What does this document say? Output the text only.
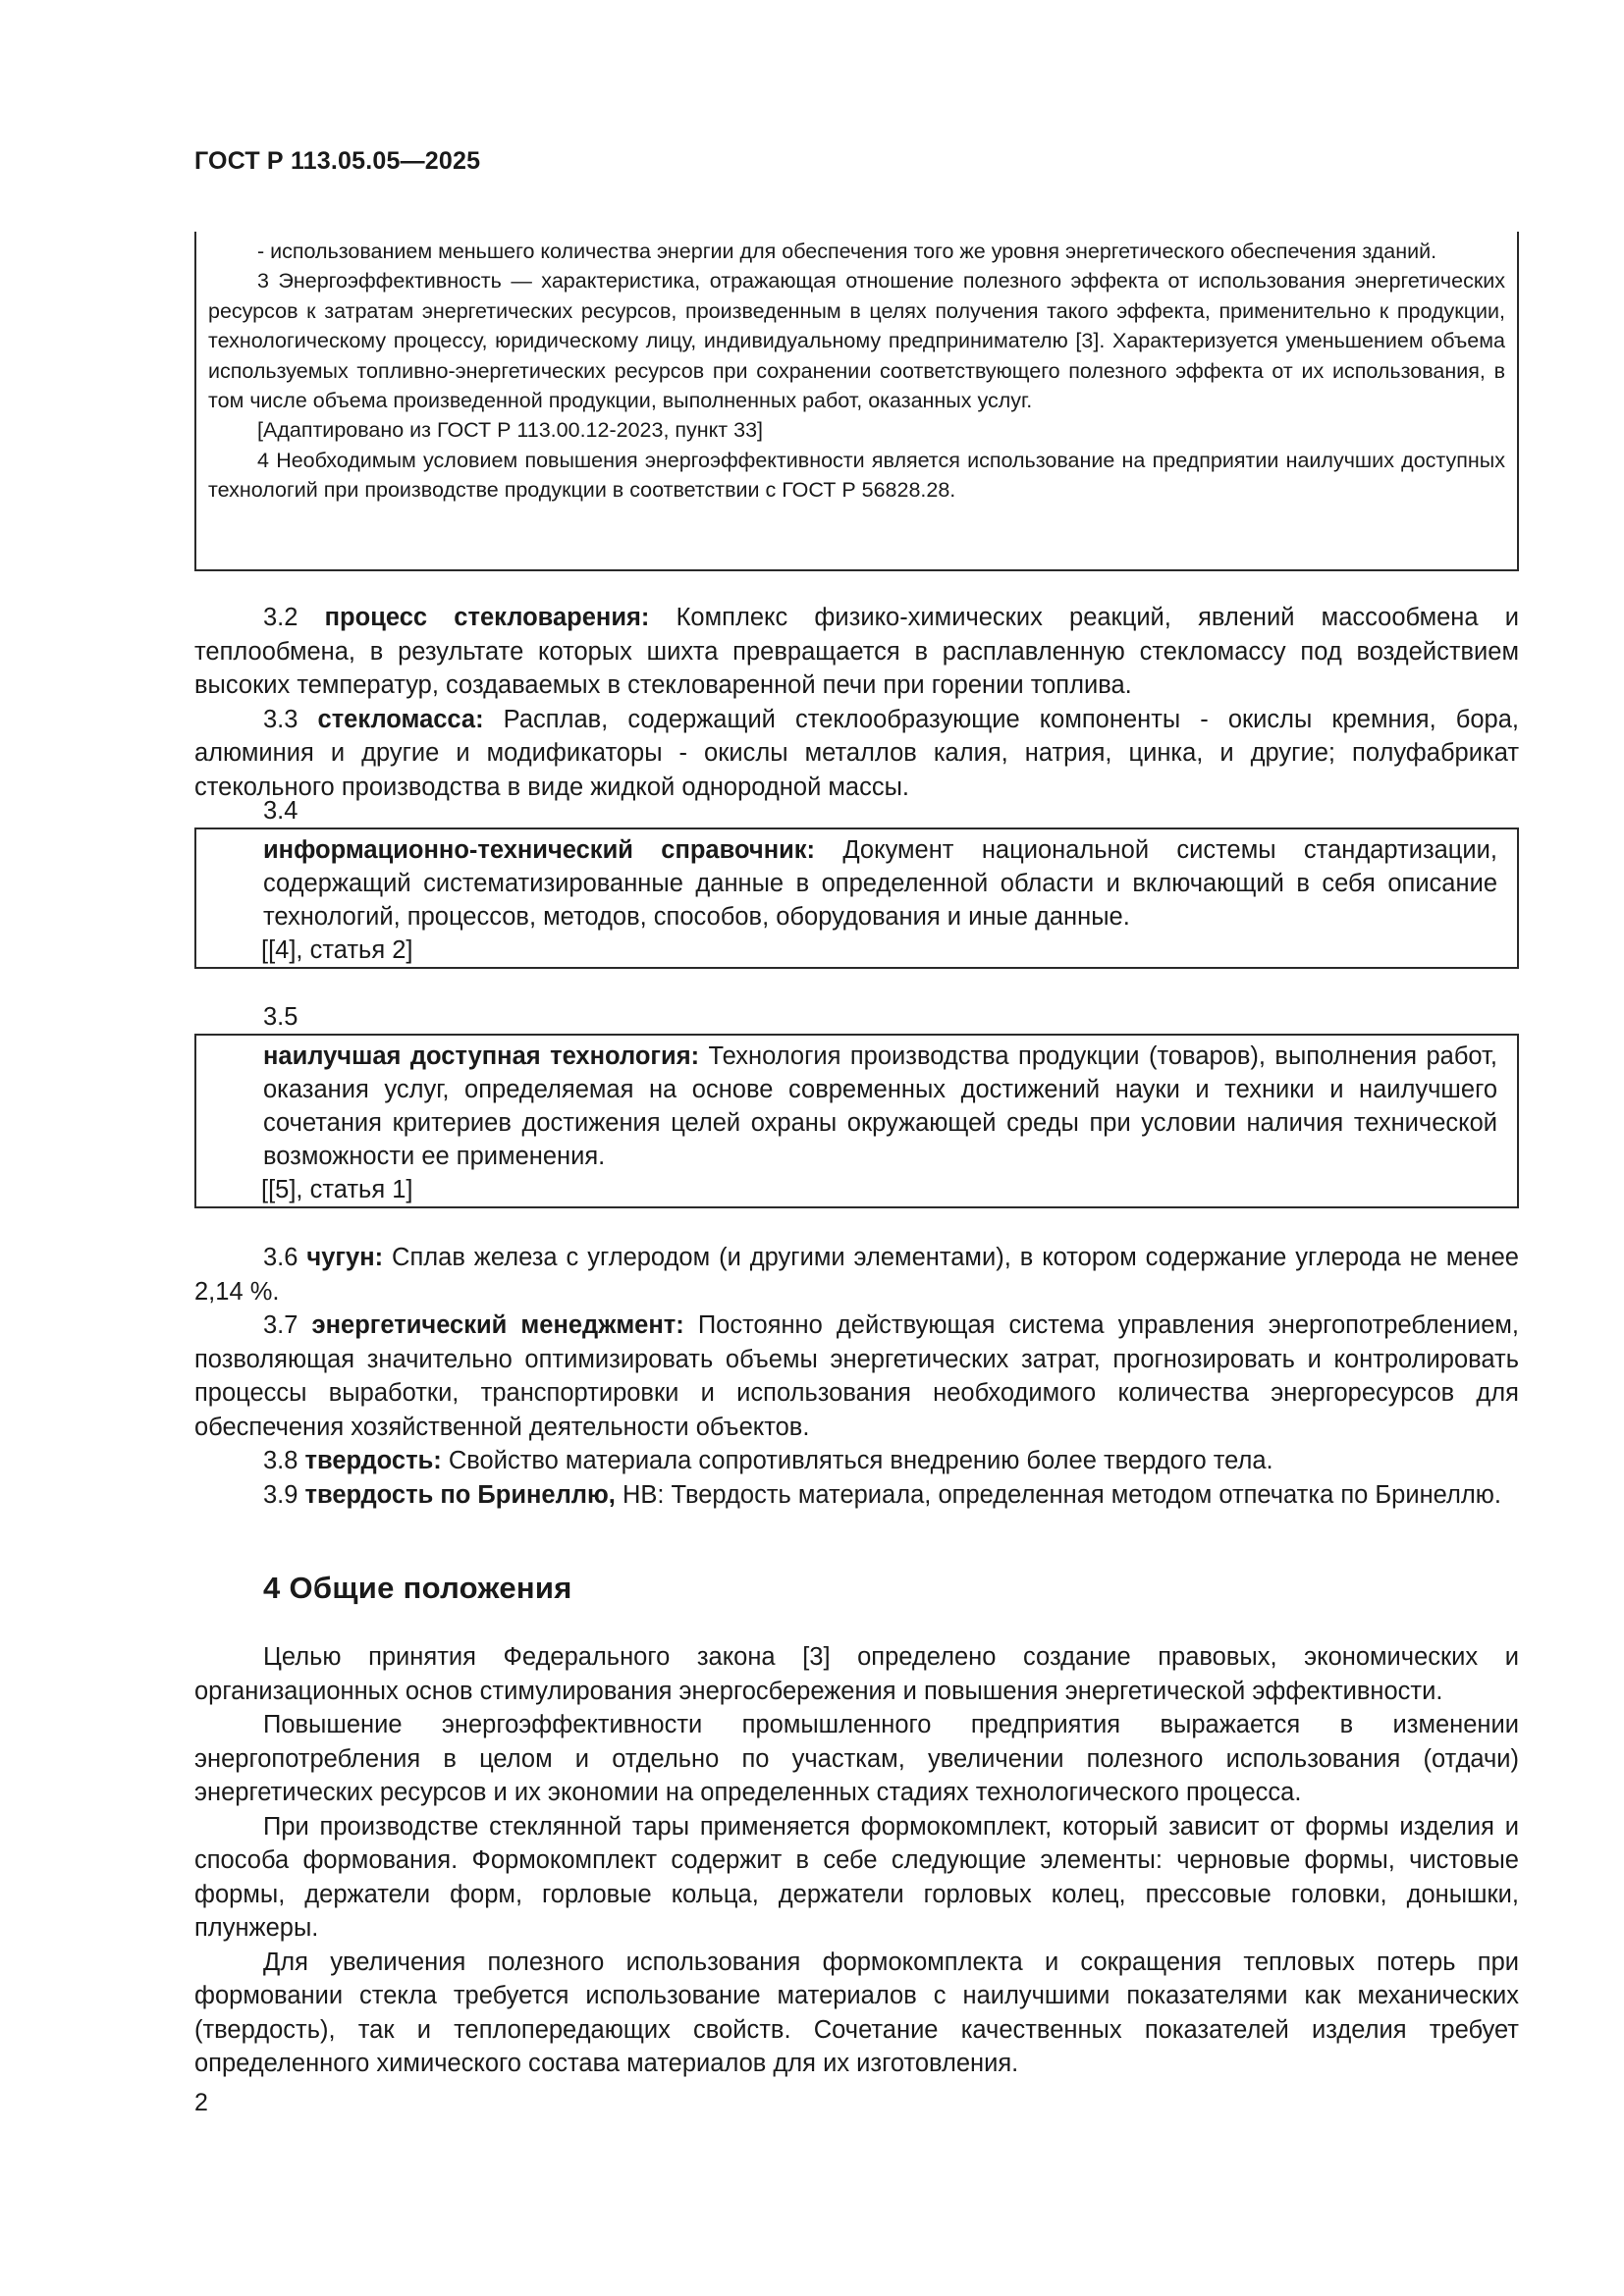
ГОСТ Р 113.05.05—2025

- использованием меньшего количества энергии для обеспечения того же уровня энергетического обеспечения зданий.

3 Энергоэффективность — характеристика, отражающая отношение полезного эффекта от использования энергетических ресурсов к затратам энергетических ресурсов, произведенным в целях получения такого эффекта, применительно к продукции, технологическому процессу, юридическому лицу, индивидуальному предпринимателю [3]. Характеризуется уменьшением объема используемых топливно-энергетических ресурсов при сохранении соответствующего полезного эффекта от их использования, в том числе объема произведенной продукции, выполненных работ, оказанных услуг.

[Адаптировано из ГОСТ Р 113.00.12-2023, пункт 33]

4 Необходимым условием повышения энергоэффективности является использование на предприятии наилучших доступных технологий при производстве продукции в соответствии с ГОСТ Р 56828.28.

3.2 процесс стекловарения: Комплекс физико-химических реакций, явлений массообмена и теплообмена, в результате которых шихта превращается в расплавленную стекломассу под воздействием высоких температур, создаваемых в стекловаренной печи при горении топлива.

3.3 стекломасса: Расплав, содержащий стеклообразующие компоненты - окислы кремния, бора, алюминия и другие и модификаторы - окислы металлов калия, натрия, цинка, и другие; полуфабрикат стекольного производства в виде жидкой однородной массы.

3.4

информационно-технический справочник: Документ национальной системы стандартизации, содержащий систематизированные данные в определенной области и включающий в себя описание технологий, процессов, методов, способов, оборудования и иные данные.

[[4], статья 2]

3.5

наилучшая доступная технология: Технология производства продукции (товаров), выполнения работ, оказания услуг, определяемая на основе современных достижений науки и техники и наилучшего сочетания критериев достижения целей охраны окружающей среды при условии наличия технической возможности ее применения.

[[5], статья 1]

3.6 чугун: Сплав железа с углеродом (и другими элементами), в котором содержание углерода не менее 2,14 %.

3.7 энергетический менеджмент: Постоянно действующая система управления энергопотреблением, позволяющая значительно оптимизировать объемы энергетических затрат, прогнозировать и контролировать процессы выработки, транспортировки и использования необходимого количества энергоресурсов для обеспечения хозяйственной деятельности объектов.

3.8 твердость: Свойство материала сопротивляться внедрению более твердого тела.

3.9 твердость по Бринеллю, HB: Твердость материала, определенная методом отпечатка по Бринеллю.

4 Общие положения

Целью принятия Федерального закона [3] определено создание правовых, экономических и организационных основ стимулирования энергосбережения и повышения энергетической эффективности.

Повышение энергоэффективности промышленного предприятия выражается в изменении энергопотребления в целом и отдельно по участкам, увеличении полезного использования (отдачи) энергетических ресурсов и их экономии на определенных стадиях технологического процесса.

При производстве стеклянной тары применяется формокомплект, который зависит от формы изделия и способа формования. Формокомплект содержит в себе следующие элементы: черновые формы, чистовые формы, держатели форм, горловые кольца, держатели горловых колец, прессовые головки, донышки, плунжеры.

Для увеличения полезного использования формокомплекта и сокращения тепловых потерь при формовании стекла требуется использование материалов с наилучшими показателями как механических (твердость), так и теплопередающих свойств. Сочетание качественных показателей изделия требует определенного химического состава материалов для их изготовления.

2
